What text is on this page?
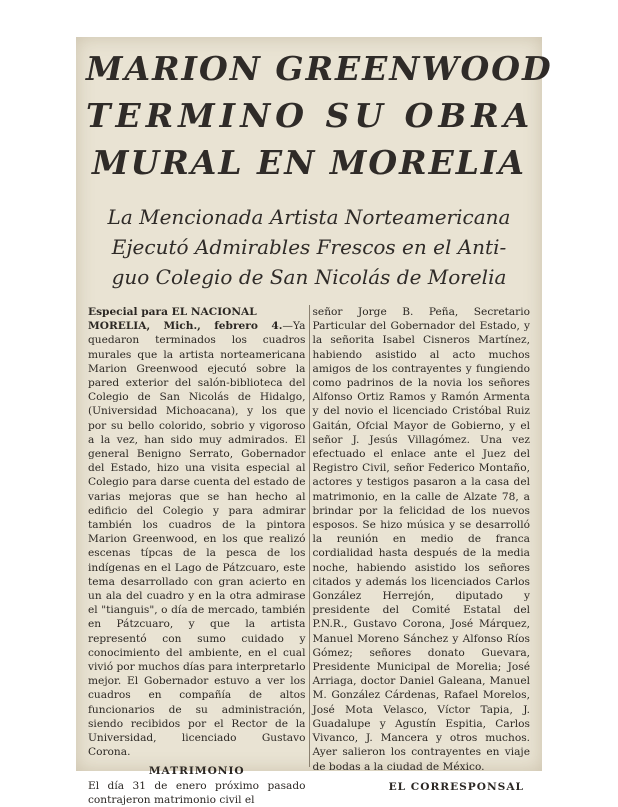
MARION GREENWOOD
TERMINO SU OBRA
MURAL EN MORELIA
La Mencionada Artista Norteamericana
Ejecutó Admirables Frescos en el Anti-
guo Colegio de San Nicolás de Morelia

Especial para EL NACIONAL

MORELIA, Mich., febrero 4.—Ya quedaron terminados los cuadros murales que la artista norteamericana Marion Greenwood ejecutó sobre la pared exterior del salón-biblioteca del Colegio de San Nicolás de Hidalgo, (Universidad Michoacana), y los que por su bello colorido, sobrio y vigoroso a la vez, han sido muy admirados. El general Benigno Serrato, Gobernador del Estado, hizo una visita especial al Colegio para darse cuenta del estado de varias mejoras que se han hecho al edificio del Colegio y para admirar también los cuadros de la pintora Marion Greenwood, en los que realizó escenas típcas de la pesca de los indígenas en el Lago de Pátzcuaro, este tema desarrollado con gran acierto en un ala del cuadro y en la otra admirase el "tianguis", o día de mercado, también en Pátzcuaro, y que la artista representó con sumo cuidado y conocimiento del ambiente, en el cual vivió por muchos días para interpretarlo mejor. El Gobernador estuvo a ver los cuadros en compañía de altos funcionarios de su administración, siendo recibidos por el Rector de la Universidad, licenciado Gustavo Corona.

MATRIMONIO

El día 31 de enero próximo pasado contrajeron matrimonio civil el

señor Jorge B. Peña, Secretario Particular del Gobernador del Estado, y la señorita Isabel Cisneros Martínez, habiendo asistido al acto muchos amigos de los contrayentes y fungiendo como padrinos de la novia los señores Alfonso Ortiz Ramos y Ramón Armenta y del novio el licenciado Cristóbal Ruiz Gaitán, Ofcial Mayor de Gobierno, y el señor J. Jesús Villagómez. Una vez efectuado el enlace ante el Juez del Registro Civil, señor Federico Montaño, actores y testigos pasaron a la casa del matrimonio, en la calle de Alzate 78, a brindar por la felicidad de los nuevos esposos. Se hizo música y se desarrolló la reunión en medio de franca cordialidad hasta después de la media noche, habiendo asistido los señores citados y además los licenciados Carlos González Herrejón, diputado y presidente del Comité Estatal del P.N.R., Gustavo Corona, José Márquez, Manuel Moreno Sánchez y Alfonso Ríos Gómez; señores donato Guevara, Presidente Municipal de Morelia; José Arriaga, doctor Daniel Galeana, Manuel M. González Cárdenas, Rafael Morelos, José Mota Velasco, Víctor Tapia, J. Guadalupe y Agustín Espitia, Carlos Vivanco, J. Mancera y otros muchos. Ayer salieron los contrayentes en viaje de bodas a la ciudad de México.

EL CORRESPONSAL
